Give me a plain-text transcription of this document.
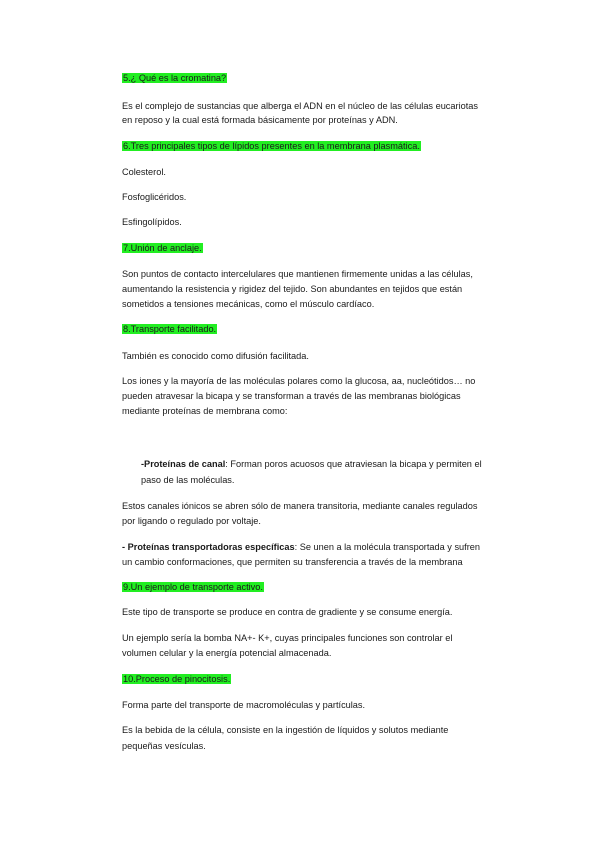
5.¿ Qué es la cromatina?
Es el complejo de sustancias que alberga el ADN en el núcleo de las células eucariotas
en reposo y la cual está formada básicamente por proteínas y ADN.
6.Tres principales tipos de lípidos presentes en la membrana plasmática.
Colesterol.
Fosfoglicéridos.
Esfingolípidos.
7.Unión de anclaje.
Son puntos de contacto intercelulares que mantienen firmemente unidas a las células,
aumentando la resistencia y rigidez del tejido. Son abundantes en tejidos que están
sometidos a tensiones mecánicas, como el músculo cardíaco.
8.Transporte facilitado.
También es conocido como difusión facilitada.
Los iones y la mayoría de las moléculas polares como la glucosa, aa, nucleótidos… no
pueden atravesar la bicapa y se transforman a través de las membranas biológicas
mediante proteínas de membrana como:
-Proteínas de canal: Forman poros acuosos que atraviesan la bicapa y permiten el
paso de las moléculas.
Estos canales iónicos se abren sólo de manera transitoria, mediante canales regulados
por ligando o regulado por voltaje.
- Proteínas transportadoras específicas: Se unen a la molécula transportada y sufren
un cambio conformaciones, que permiten su transferencia a través de la membrana
9.Un ejemplo de transporte activo.
Este tipo de transporte se produce en contra de gradiente y se consume energía.
Un ejemplo sería la bomba NA+- K+, cuyas principales funciones son controlar el
volumen celular y la energía potencial almacenada.
10.Proceso de pinocitosis.
Forma parte del transporte de macromoléculas y partículas.
Es la bebida de la célula, consiste en la ingestión de líquidos y solutos mediante
pequeñas vesículas.
